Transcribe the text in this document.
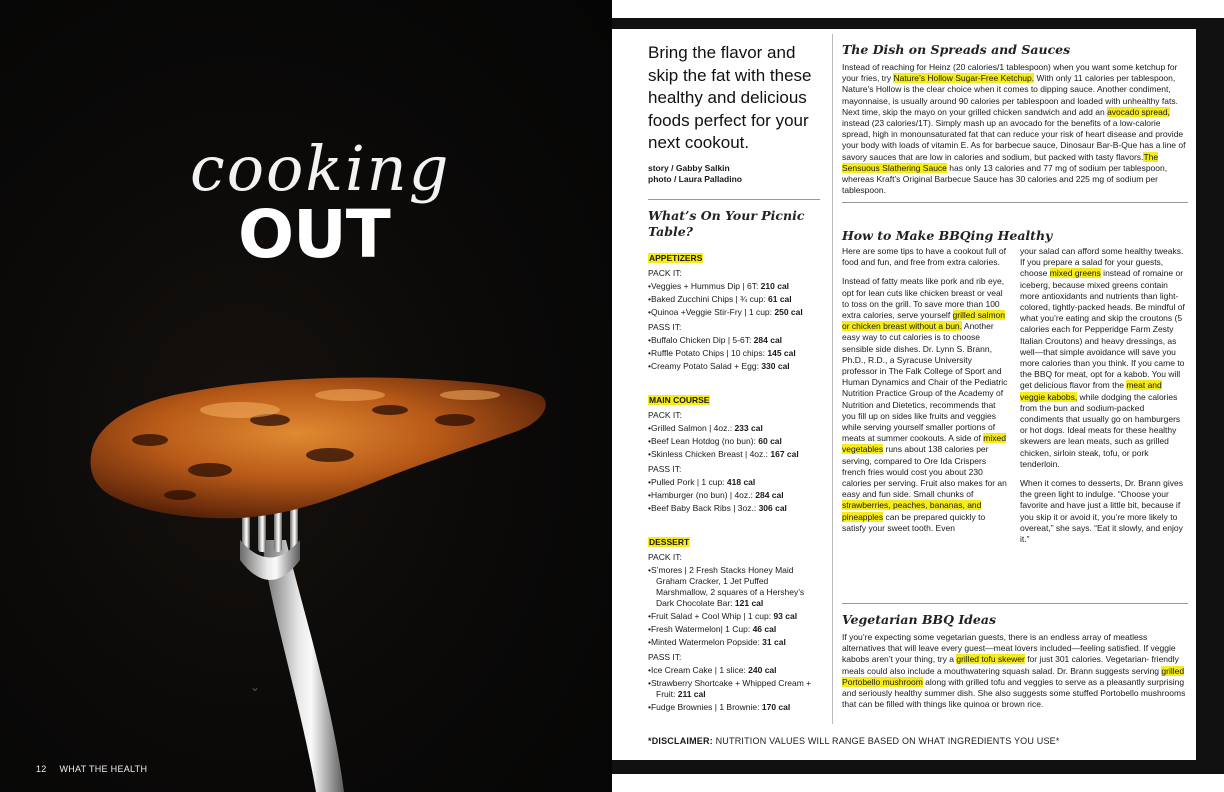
cooking
OUT
⌄
12 WHAT THE HEALTH

Bring the flavor and skip the fat with these healthy and delicious foods perfect for your next cookout.

story / Gabby Salkin
photo / Laura Palladino
What’s On Your Picnic Table?
APPETIZERS
PACK IT:
• Veggies + Hummus Dip | 6T: 210 cal
• Baked Zucchini Chips | ¾ cup: 61 cal
• Quinoa +Veggie Stir-Fry | 1 cup: 250 cal
PASS IT:
• Buffalo Chicken Dip | 5-6T: 284 cal
• Ruffle Potato Chips | 10 chips: 145 cal
• Creamy Potato Salad + Egg: 330 cal
MAIN COURSE
PACK IT:
• Grilled Salmon | 4oz.: 233 cal
• Beef Lean Hotdog (no bun): 60 cal
• Skinless Chicken Breast | 4oz.: 167 cal
PASS IT:
• Pulled Pork | 1 cup: 418 cal
• Hamburger (no bun) | 4oz.: 284 cal
• Beef Baby Back Ribs | 3oz.: 306 cal
DESSERT
PACK IT:
• S’mores | 2 Fresh Stacks Honey Maid Graham Cracker, 1 Jet Puffed Marshmallow, 2 squares of a Hershey’s Dark Chocolate Bar: 121 cal
• Fruit Salad + Cool Whip | 1 cup: 93 cal
• Fresh Watermelon| 1 Cup: 46 cal
• Minted Watermelon Popside: 31 cal
PASS IT:
• Ice Cream Cake | 1 slice: 240 cal
• Strawberry Shortcake + Whipped Cream + Fruit: 211 cal
• Fudge Brownies | 1 Brownie: 170 cal
The Dish on Spreads and Sauces

Instead of reaching for Heinz (20 calories/1 tablespoon) when you want some ketchup for your fries, try Nature’s Hollow Sugar-Free Ketchup. With only 11 calories per tablespoon, Nature’s Hollow is the clear choice when it comes to dipping sauce. Another condiment, mayonnaise, is usually around 90 calories per tablespoon and loaded with unhealthy fats. Next time, skip the mayo on your grilled chicken sandwich and add an avocado spread, instead (23 calories/1T). Simply mash up an avocado for the benefits of a low-calorie spread, high in monounsaturated fat that can reduce your risk of heart disease and provide your body with loads of vitamin E. As for barbecue sauce, Dinosaur Bar-B-Que has a line of savory sauces that are low in calories and sodium, but packed with tasty flavors.The Sensuous Slathering Sauce has only 13 calories and 77 mg of sodium per tablespoon, whereas Kraft’s Original Barbecue Sauce has 30 calories and 225 mg of sodium per tablespoon.

How to Make BBQing Healthy

Here are some tips to have a cookout full of food and fun, and free from extra calories.

Instead of fatty meats like pork and rib eye, opt for lean cuts like chicken breast or veal to toss on the grill. To save more than 100 extra calories, serve yourself grilled salmon or chicken breast without a bun. Another easy way to cut calories is to choose sensible side dishes. Dr. Lynn S. Brann, Ph.D., R.D., a Syracuse University professor in The Falk College of Sport and Human Dynamics and Chair of the Pediatric Nutrition Practice Group of the Academy of Nutrition and Dietetics, recommends that you fill up on sides like fruits and veggies while serving yourself smaller portions of meats at summer cookouts. A side of mixed vegetables runs about 138 calories per serving, compared to Ore Ida Crispers french fries would cost you about 230 calories per serving. Fruit also makes for an easy and fun side. Small chunks of strawberries, peaches, bananas, and pineapples can be prepared quickly to satisfy your sweet tooth. Even

your salad can afford some healthy tweaks. If you prepare a salad for your guests, choose mixed greens instead of romaine or iceberg, because mixed greens contain more antioxidants and nutrients than light-colored, tightly-packed heads. Be mindful of what you’re eating and skip the croutons (5 calories each for Pepperidge Farm Zesty Italian Croutons) and heavy dressings, as well—that simple avoidance will save you more calories than you think. If you came to the BBQ for meat, opt for a kabob. You will get delicious flavor from the meat and veggie kabobs, while dodging the calories from the bun and sodium-packed condiments that usually go on hamburgers or hot dogs. Ideal meats for these healthy skewers are lean meats, such as grilled chicken, sirloin steak, tofu, or pork tenderloin.

When it comes to desserts, Dr. Brann gives the green light to indulge. “Choose your favorite and have just a little bit, because if you skip it or avoid it, you’re more likely to overeat,” she says. “Eat it slowly, and enjoy it.”

Vegetarian BBQ Ideas

If you’re expecting some vegetarian guests, there is an endless array of meatless alternatives that will leave every guest—meat lovers included—feeling satisfied. If veggie kabobs aren’t your thing, try a grilled tofu skewer for just 301 calories. Vegetarian- friendly meals could also include a mouthwatering squash salad. Dr. Brann suggests serving grilled Portobello mushroom along with grilled tofu and veggies to serve as a pleasantly surprising and seriously healthy summer dish. She also suggests some stuffed Portobello mushrooms that can be filled with things like quinoa or brown rice.

*DISCLAIMER: NUTRITION VALUES WILL RANGE BASED ON WHAT INGREDIENTS YOU USE*
